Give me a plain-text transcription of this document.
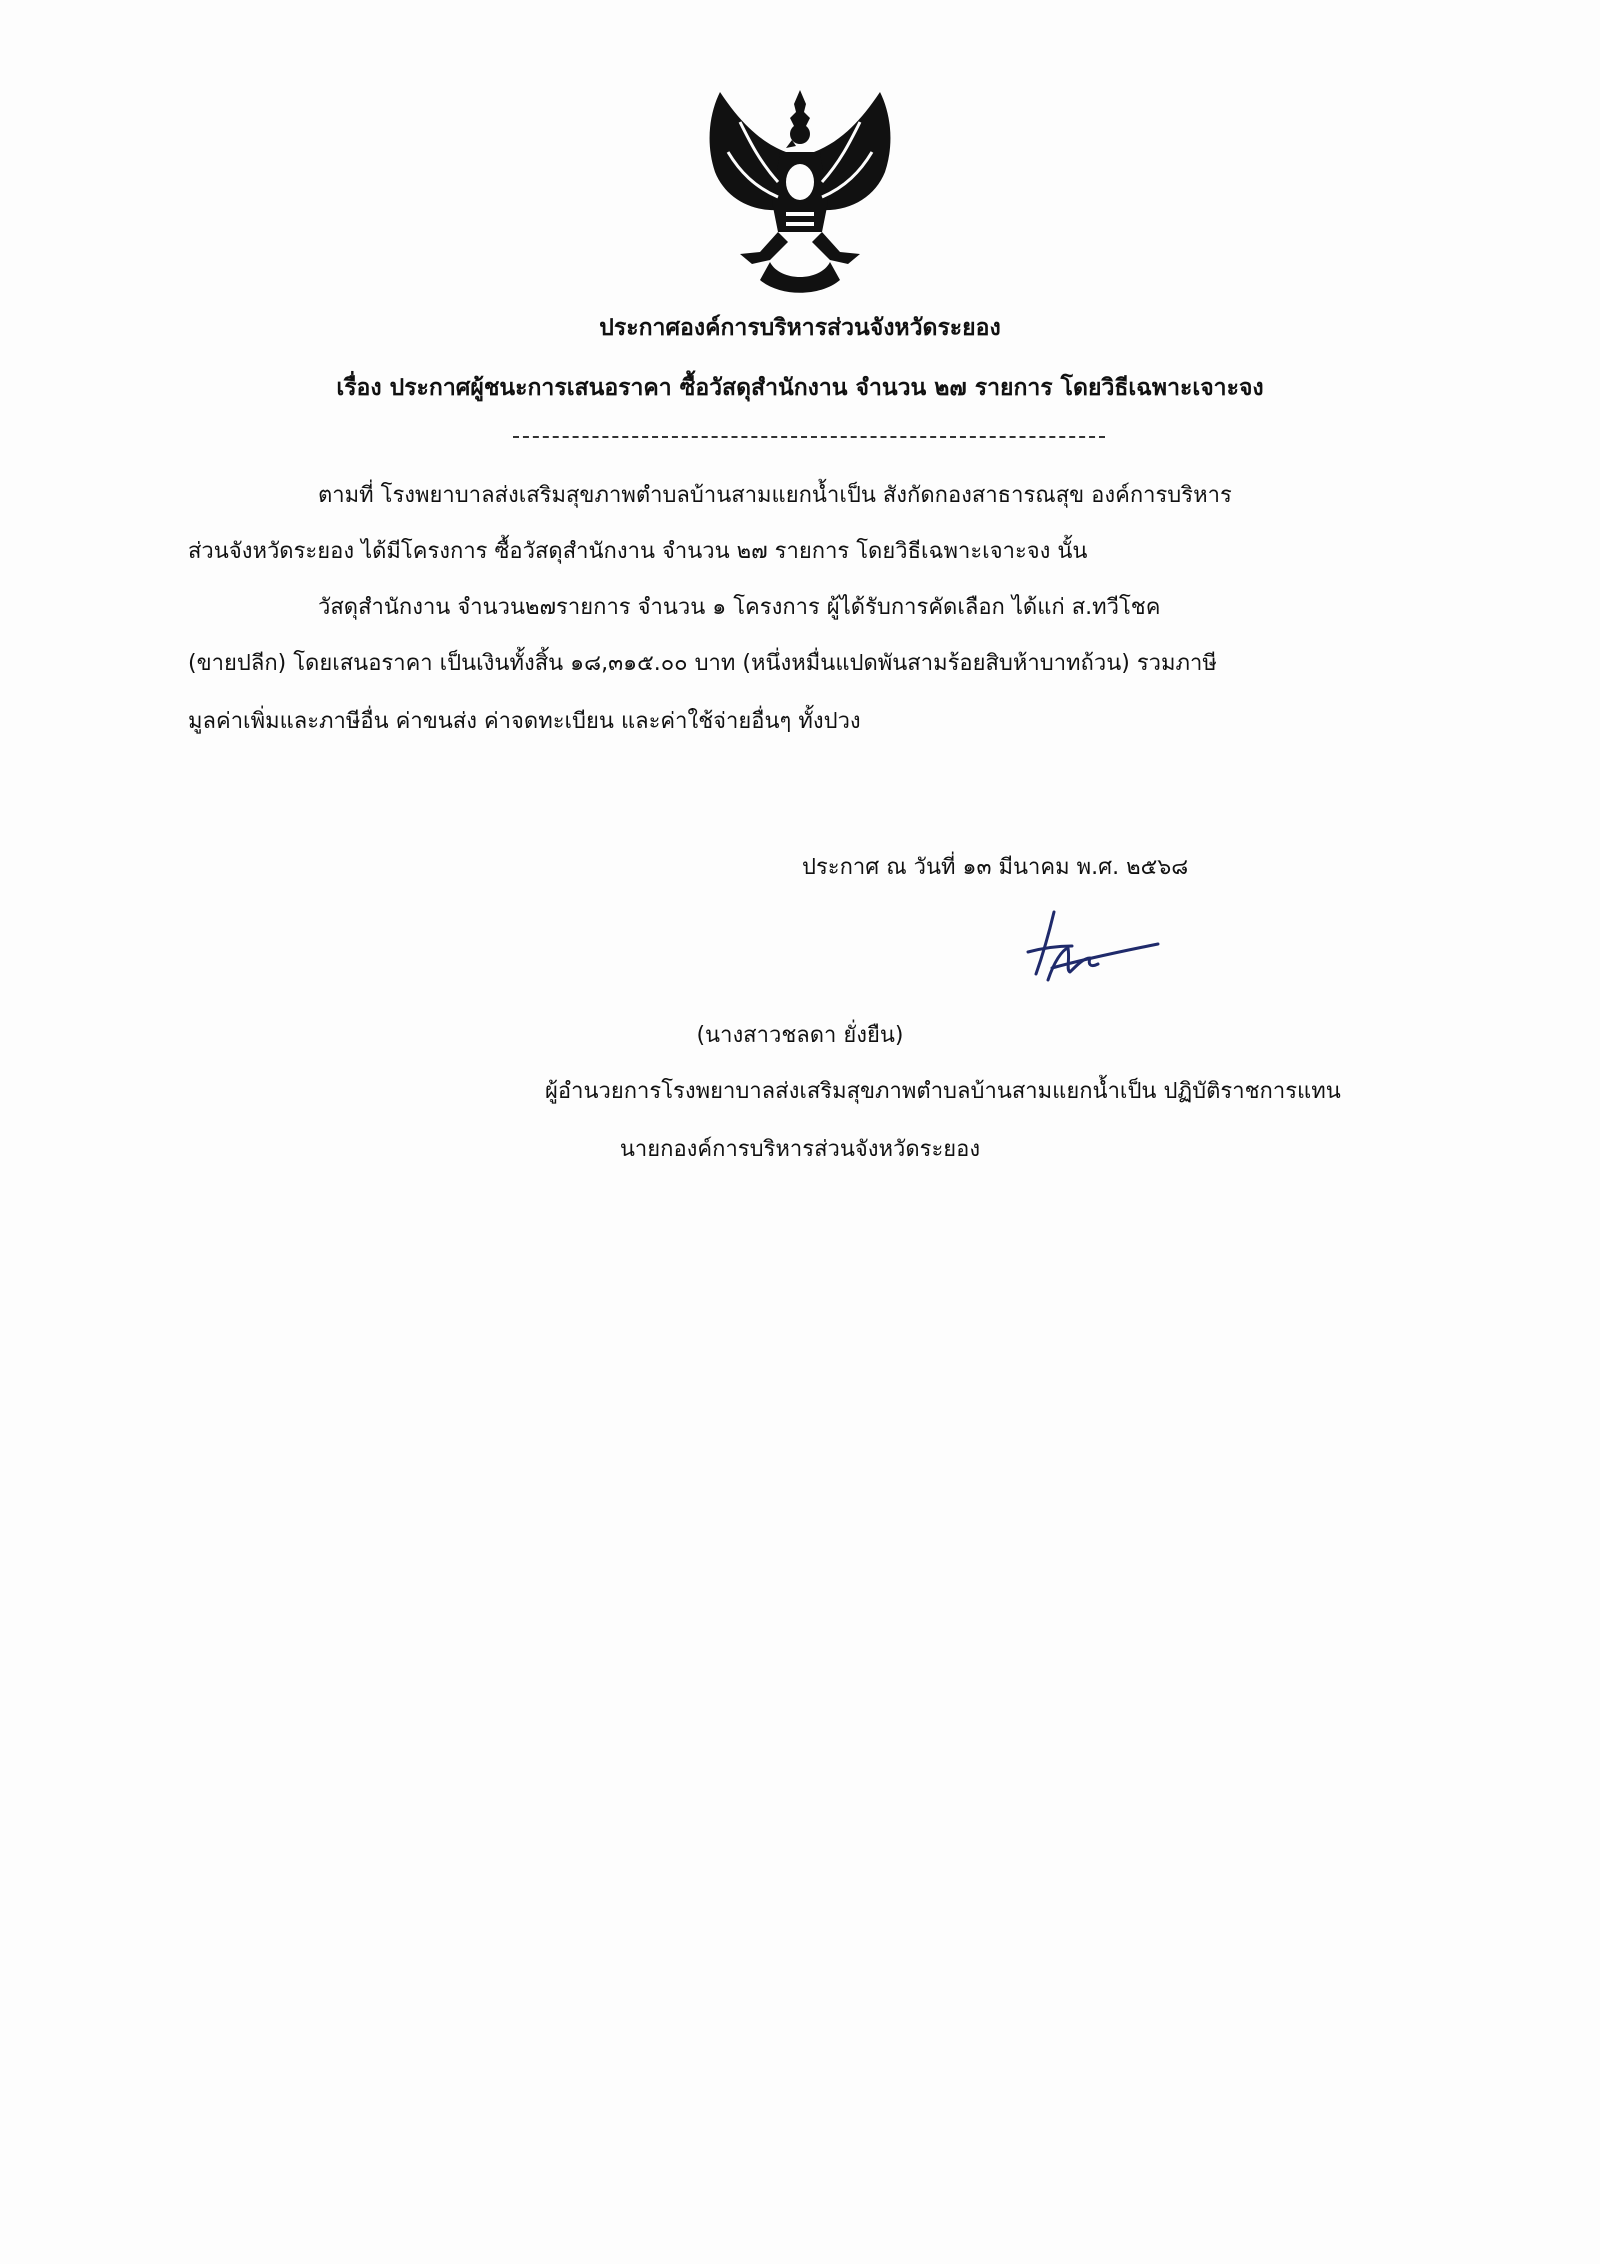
ประกาศองค์การบริหารส่วนจังหวัดระยอง
เรื่อง ประกาศผู้ชนะการเสนอราคา ซื้อวัสดุสำนักงาน จำนวน ๒๗ รายการ โดยวิธีเฉพาะเจาะจง
ตามที่ โรงพยาบาลส่งเสริมสุขภาพตำบลบ้านสามแยกน้ำเป็น สังกัดกองสาธารณสุข องค์การบริหาร
ส่วนจังหวัดระยอง ได้มีโครงการ ซื้อวัสดุสำนักงาน จำนวน ๒๗ รายการ โดยวิธีเฉพาะเจาะจง นั้น
วัสดุสำนักงาน จำนวน๒๗รายการ จำนวน ๑ โครงการ ผู้ได้รับการคัดเลือก ได้แก่ ส.ทวีโชค
(ขายปลีก) โดยเสนอราคา เป็นเงินทั้งสิ้น ๑๘,๓๑๕.๐๐ บาท (หนึ่งหมื่นแปดพันสามร้อยสิบห้าบาทถ้วน) รวมภาษี
มูลค่าเพิ่มและภาษีอื่น ค่าขนส่ง ค่าจดทะเบียน และค่าใช้จ่ายอื่นๆ ทั้งปวง
ประกาศ ณ วันที่ ๑๓ มีนาคม พ.ศ. ๒๕๖๘
(นางสาวชลดา ยั่งยืน)
ผู้อำนวยการโรงพยาบาลส่งเสริมสุขภาพตำบลบ้านสามแยกน้ำเป็น ปฏิบัติราชการแทน
นายกองค์การบริหารส่วนจังหวัดระยอง
